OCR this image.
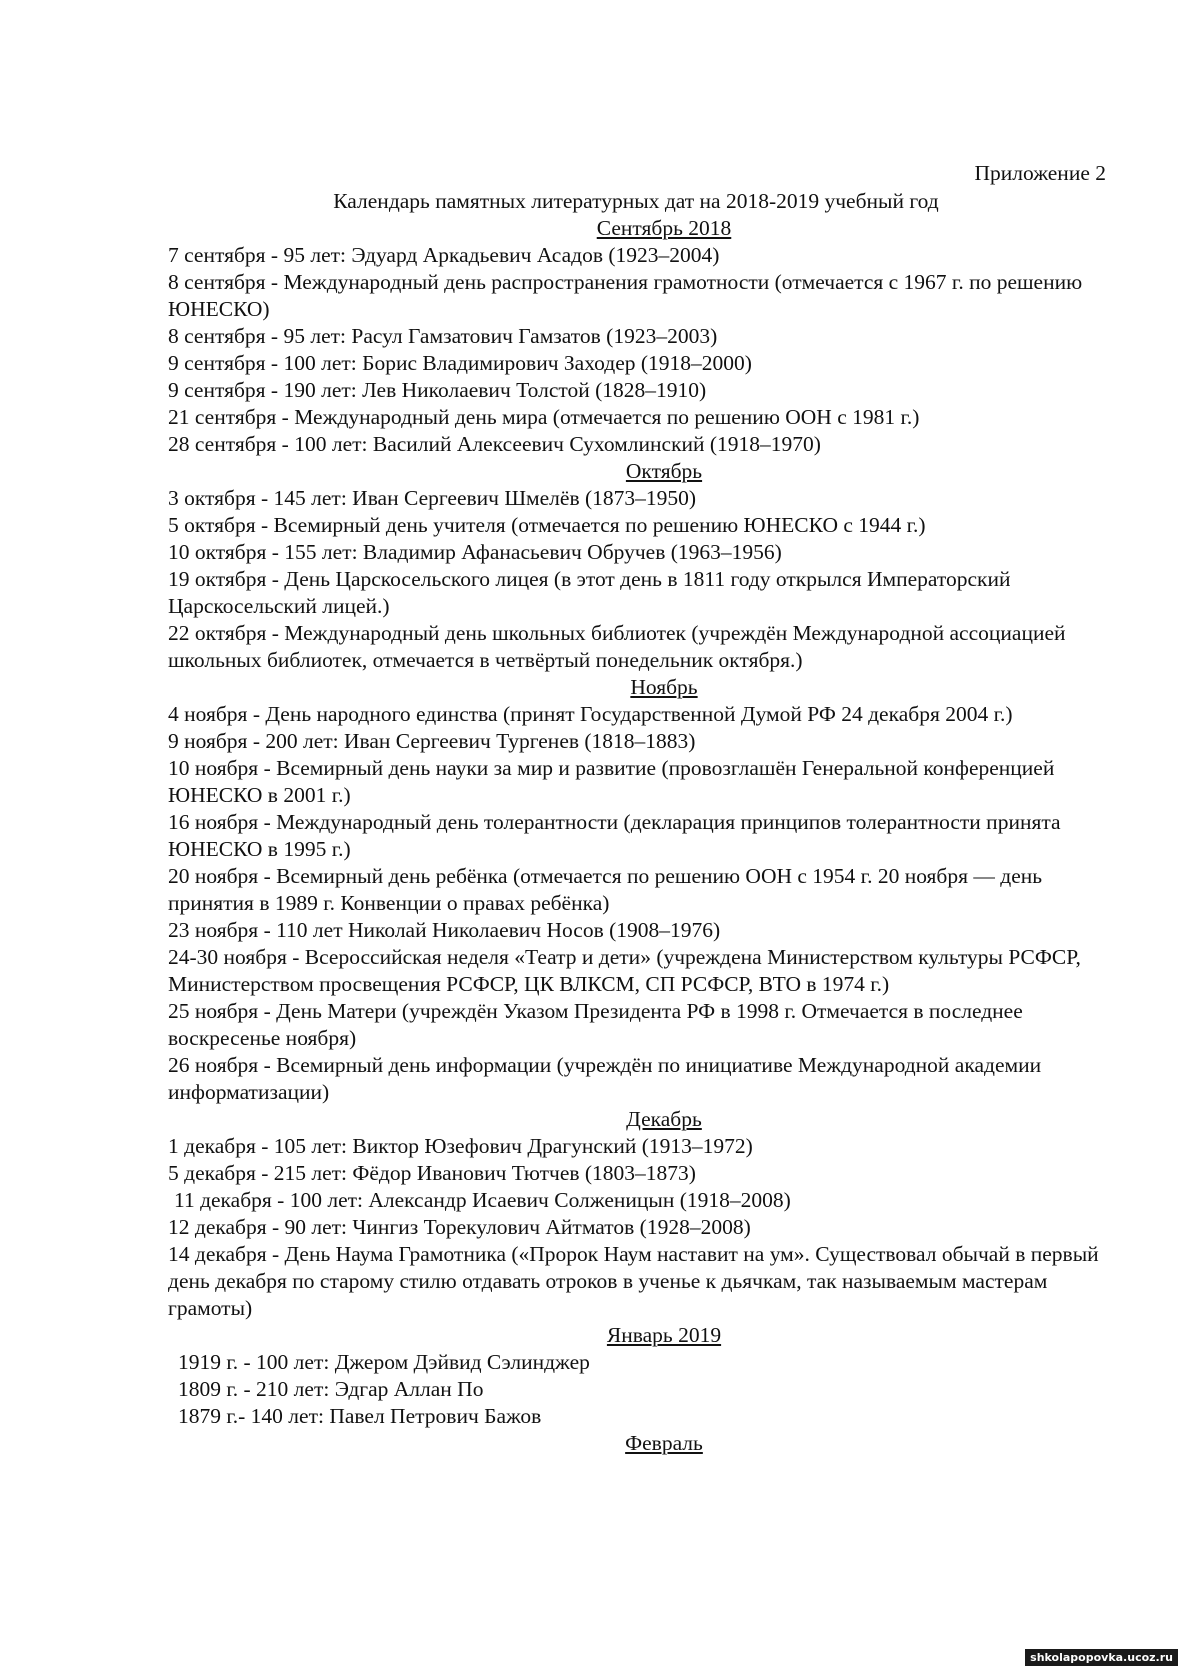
Приложение 2
Календарь памятных литературных дат на 2018-2019 учебный год
Сентябрь 2018
7 сентября - 95 лет: Эдуард Аркадьевич Асадов (1923–2004)
8 сентября - Международный день распространения грамотности (отмечается с 1967 г. по решению ЮНЕСКО)
8 сентября - 95 лет: Расул Гамзатович Гамзатов (1923–2003)
9 сентября - 100 лет: Борис Владимирович Заходер (1918–2000)
9 сентября - 190 лет: Лев Николаевич Толстой (1828–1910)
21 сентября - Международный день мира (отмечается по решению ООН с 1981 г.)
28 сентября - 100 лет: Василий Алексеевич Сухомлинский (1918–1970)
Октябрь
3 октября - 145 лет: Иван Сергеевич Шмелёв (1873–1950)
5 октября - Всемирный день учителя (отмечается по решению ЮНЕСКО с 1944 г.)
10 октября - 155 лет: Владимир Афанасьевич Обручев (1963–1956)
19 октября - День Царскосельского лицея (в этот день в 1811 году открылся Императорский Царскосельский лицей.)
22 октября - Международный день школьных библиотек (учреждён Международной ассоциацией школьных библиотек, отмечается в четвёртый понедельник октября.)
Ноябрь
4 ноября - День народного единства (принят Государственной Думой РФ 24 декабря 2004 г.)
9 ноября - 200 лет: Иван Сергеевич Тургенев (1818–1883)
10 ноября - Всемирный день науки за мир и развитие (провозглашён Генеральной конференцией ЮНЕСКО в 2001 г.)
16 ноября - Международный день толерантности (декларация принципов толерантности принята ЮНЕСКО в 1995 г.)
20 ноября - Всемирный день ребёнка (отмечается по решению ООН с 1954 г. 20 ноября — день принятия в 1989 г. Конвенции о правах ребёнка)
23 ноября - 110 лет Николай Николаевич Носов (1908–1976)
24-30 ноября - Всероссийская неделя «Театр и дети» (учреждена Министерством культуры РСФСР, Министерством просвещения РСФСР, ЦК ВЛКСМ, СП РСФСР, ВТО в 1974 г.)
25 ноября - День Матери (учреждён Указом Президента РФ в 1998 г. Отмечается в последнее воскресенье ноября)
26 ноября - Всемирный день информации (учреждён по инициативе Международной академии информатизации)
Декабрь
1 декабря - 105 лет: Виктор Юзефович Драгунский (1913–1972)
5 декабря - 215 лет: Фёдор Иванович Тютчев (1803–1873)
11 декабря - 100 лет: Александр Исаевич Солженицын (1918–2008)
12 декабря - 90 лет: Чингиз Торекулович Айтматов (1928–2008)
14 декабря - День Наума Грамотника («Пророк Наум наставит на ум». Существовал обычай в первый день декабря по старому стилю отдавать отроков в ученье к дьячкам, так называемым мастерам грамоты)
Январь 2019
1919 г. - 100 лет: Джером Дэйвид Сэлинджер
1809 г. - 210 лет: Эдгар Аллан По
1879 г.- 140 лет: Павел Петрович Бажов
Февраль
shkolapopovka.ucoz.ru
